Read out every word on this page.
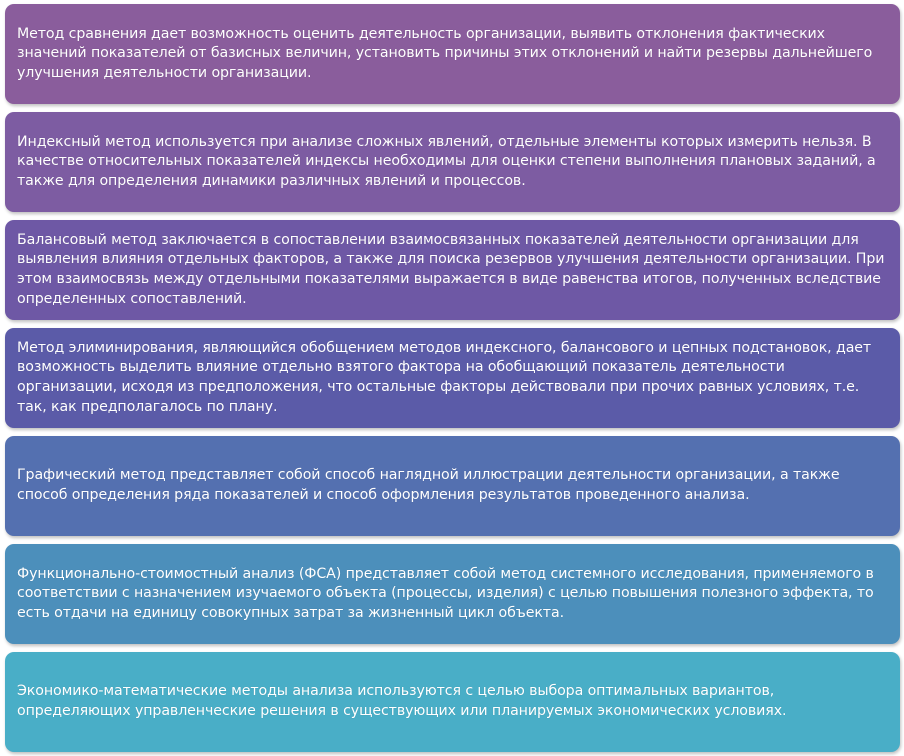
Метод сравнения дает возможность оценить деятельность организации, выявить отклонения фактических значений показателей от базисных величин, установить причины этих отклонений и найти резервы дальнейшего улучшения деятельности организации.
Индексный метод используется при анализе сложных явлений, отдельные элементы которых измерить нельзя. В качестве относительных показателей индексы необходимы для оценки степени выполнения плановых заданий, а также для определения динамики различных явлений и процессов.
Балансовый метод заключается в сопоставлении взаимосвязанных показателей деятельности организации для выявления влияния отдельных факторов, а также для поиска резервов улучшения деятельности организации. При этом взаимосвязь между отдельными показателями выражается в виде равенства итогов, полученных вследствие определенных сопоставлений.
Метод элиминирования, являющийся обобщением методов индексного, балансового и цепных подстановок, дает возможность выделить влияние отдельно взятого фактора на обобщающий показатель деятельности организации, исходя из предположения, что остальные факторы действовали при прочих равных условиях, т.е. так, как предполагалось по плану.
Графический метод представляет собой способ наглядной иллюстрации деятельности организации, а также способ определения ряда показателей и способ оформления результатов проведенного анализа.
Функционально-стоимостный анализ (ФСА) представляет собой метод системного исследования, применяемого в соответствии с назначением изучаемого объекта (процессы, изделия) с целью повышения полезного эффекта, то есть отдачи на единицу совокупных затрат за жизненный цикл объекта.
Экономико-математические методы анализа используются с целью выбора оптимальных вариантов, определяющих управленческие решения в существующих или планируемых экономических условиях.
